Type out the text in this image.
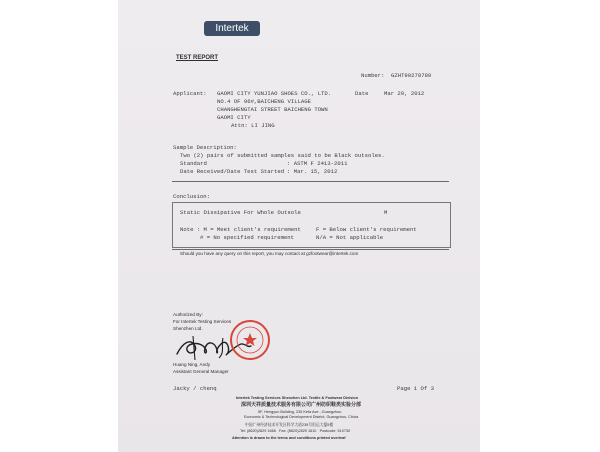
Intertek
TEST REPORT
Number: GZHT90278789
Applicant: GAOMI CITY YUNJIAO SHOES CO., LTD.
NO.4 OF 96#,BAICHENG VILLAGE
CHANGHENGTAI STREET BAICHENG TOWN
GAOMI CITY
Attn: LI JING
Date	Mar 29, 2012
Sample Description:
Two (2) pairs of submitted samples said to be Black outsoles.
Standard	: ASTM F 2413-2011
Date Received/Date Test Started : Mar. 15, 2012
Conclusion:
Static Dissipative For Whole Outsole	M
Note : M = Meet client's requirement	F = Below client's requirement
# = No specified requirement	N/A = Not applicable
Should you have any query on this report, you may contact at gzfootwear@intertek.com
Authorized By:
For Intertek Testing Services
Shenzhen Ltd.
Huang Ning, Andy
Assistant General Manager
Jacky / chenq	Page 1 Of 3
Intertek Testing Services Shenzhen Ltd. Textile & Footwear Division
深圳天祥质量技术服务有限公司广州纺织鞋类实验分部
5F, Hengyun Building, 235 Kefa Ave., Guangzhou
Economic & Technological Development District, Guangzhou, China
中国广州经济技术开发区科学大道235号恒运大厦5楼
Tel: (8620)2829 1666   Fax: (8620)2829 1610   Postcode: 510730
Attention is drawn to the terms and conditions printed overleaf
